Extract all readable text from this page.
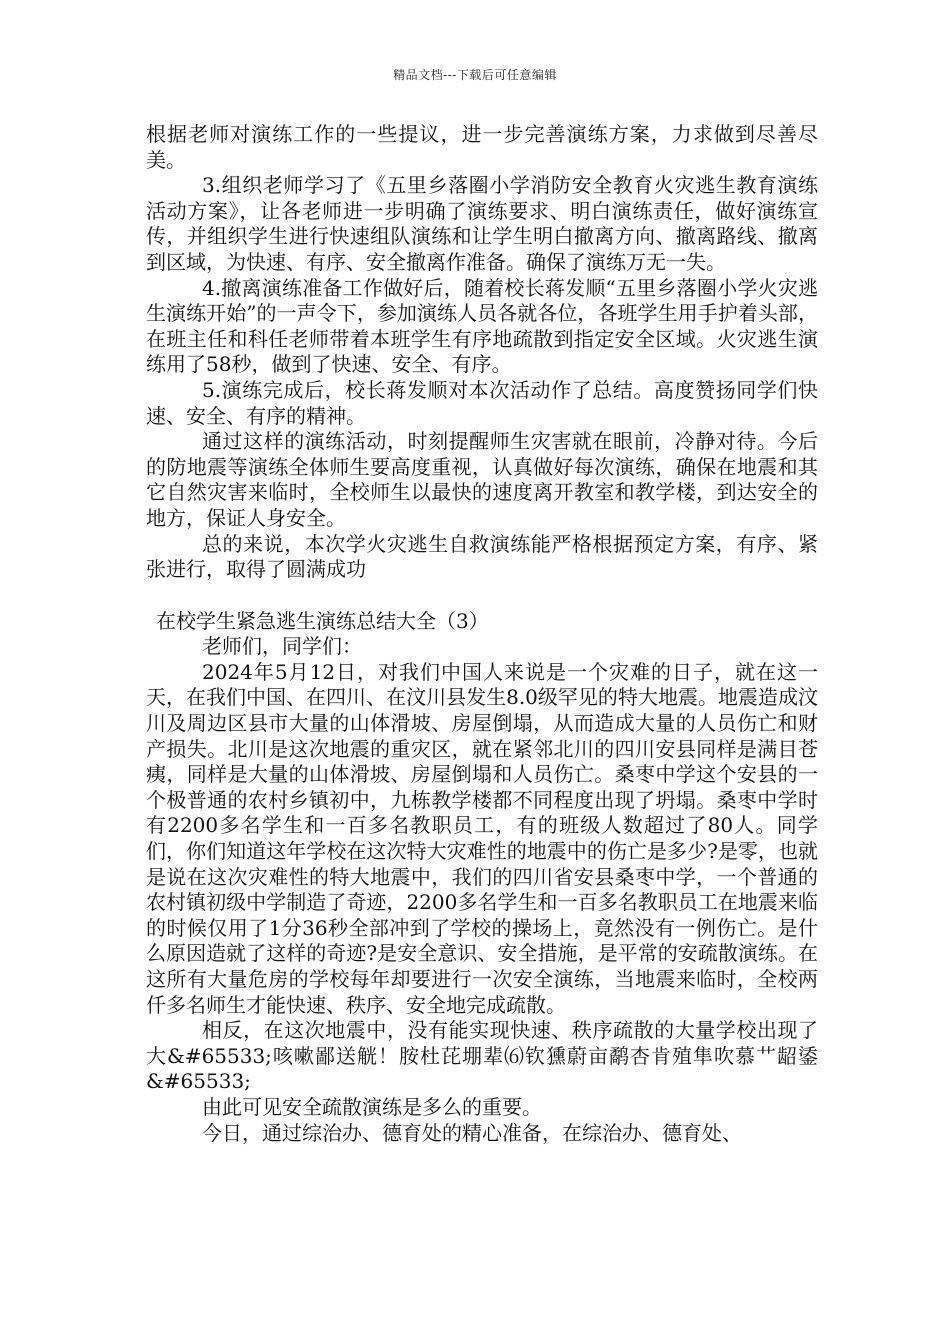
精品文档---下载后可任意编辑

根据老师对演练工作的一些提议，进一步完善演练方案，力求做到尽善尽美。

3.组织老师学习了《五里乡落圈小学消防安全教育火灾逃生教育演练活动方案》，让各老师进一步明确了演练要求、明白演练责任，做好演练宣传，并组织学生进行快速组队演练和让学生明白撤离方向、撤离路线、撤离到区域，为快速、有序、安全撤离作准备。确保了演练万无一失。

4.撤离演练准备工作做好后，随着校长蒋发顺“五里乡落圈小学火灾逃生演练开始”的一声令下，参加演练人员各就各位，各班学生用手护着头部，在班主任和科任老师带着本班学生有序地疏散到指定安全区域。火灾逃生演练用了58秒，做到了快速、安全、有序。

5.演练完成后，校长蒋发顺对本次活动作了总结。高度赞扬同学们快速、安全、有序的精神。

通过这样的演练活动，时刻提醒师生灾害就在眼前，冷静对待。今后的防地震等演练全体师生要高度重视，认真做好每次演练，确保在地震和其它自然灾害来临时，全校师生以最快的速度离开教室和教学楼，到达安全的地方，保证人身安全。

总的来说，本次学火灾逃生自救演练能严格根据预定方案，有序、紧张进行，取得了圆满成功

在校学生紧急逃生演练总结大全（3）

老师们，同学们：

2024年5月12日，对我们中国人来说是一个灾难的日子，就在这一天，在我们中国、在四川、在汶川县发生8.0级罕见的特大地震。地震造成汶川及周边区县市大量的山体滑坡、房屋倒塌，从而造成大量的人员伤亡和财产损失。北川是这次地震的重灾区，就在紧邻北川的四川安县同样是满目苍痍，同样是大量的山体滑坡、房屋倒塌和人员伤亡。桑枣中学这个安县的一个极普通的农村乡镇初中，九栋教学楼都不同程度出现了坍塌。桑枣中学时有2200多名学生和一百多名教职员工，有的班级人数超过了80人。同学们，你们知道这年学校在这次特大灾难性的地震中的伤亡是多少?是零，也就是说在这次灾难性的特大地震中，我们的四川省安县桑枣中学，一个普通的农村镇初级中学制造了奇迹，2200多名学生和一百多名教职员工在地震来临的时候仅用了1分36秒全部冲到了学校的操场上，竟然没有一例伤亡。是什么原因造就了这样的奇迹?是安全意识、安全措施，是平常的安疏散演练。在这所有大量危房的学校每年却要进行一次安全演练，当地震来临时，全校两仟多名师生才能快速、秩序、安全地完成疏散。

相反，在这次地震中，没有能实现快速、秩序疏散的大量学校出现了大&#65533;咳嗽鄙送觥！胺杜芘堋辈⑹钦獯蔚亩鹬杏肯殖隼吹慕艹龆鋈&#65533;

由此可见安全疏散演练是多么的重要。

今日，通过综治办、德育处的精心准备，在综治办、德育处、
